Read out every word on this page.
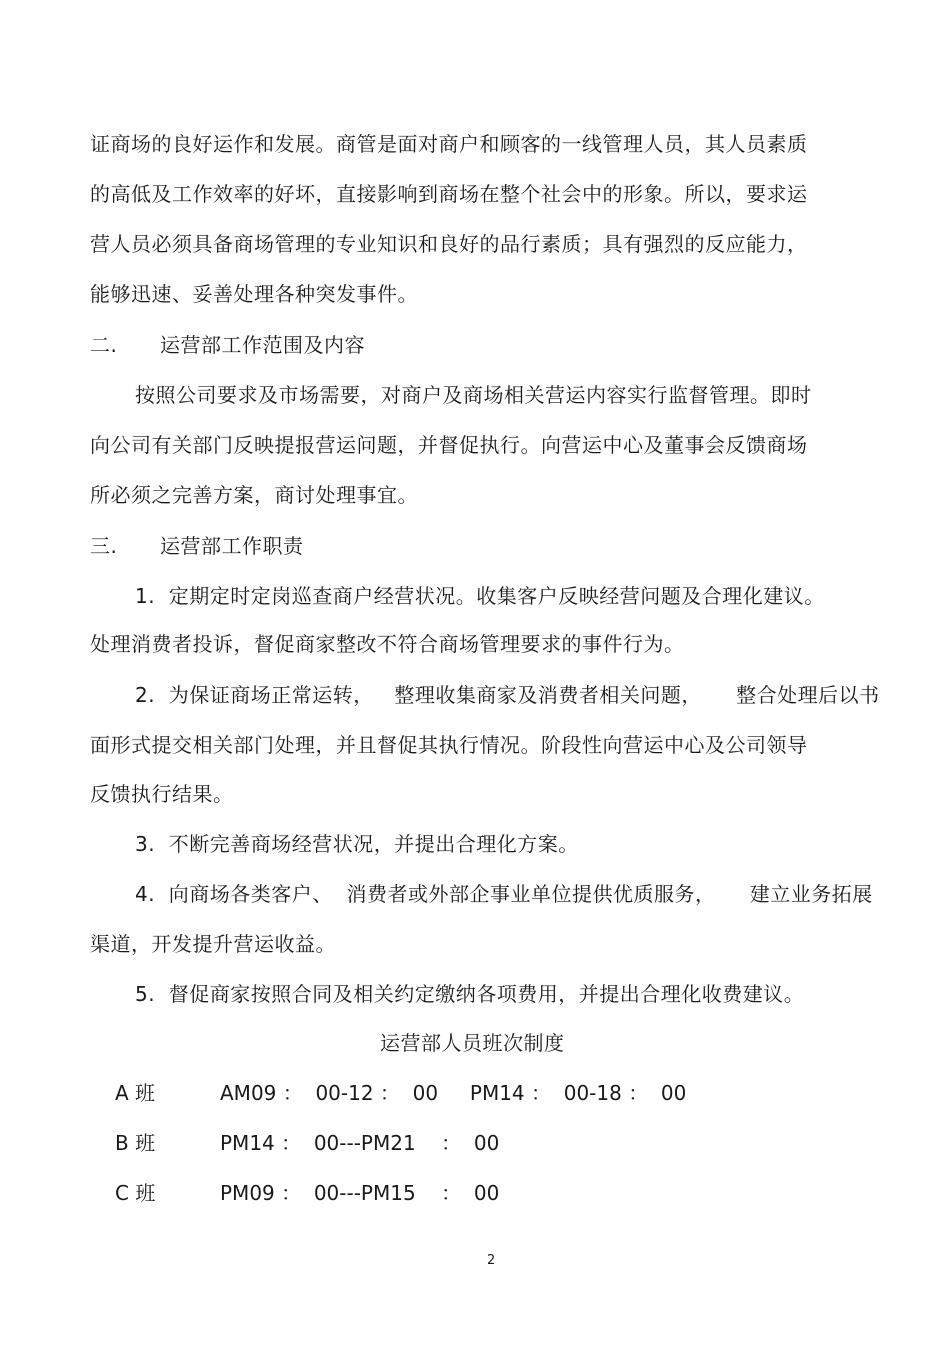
证商场的良好运作和发展。商管是面对商户和顾客的一线管理人员，其人员素质
的高低及工作效率的好坏，直接影响到商场在整个社会中的形象。所以，要求运
营人员必须具备商场管理的专业知识和良好的品行素质；具有强烈的反应能力，
能够迅速、妥善处理各种突发事件。
二. 运营部工作范围及内容
按照公司要求及市场需要，对商户及商场相关营运内容实行监督管理。即时
向公司有关部门反映提报营运问题，并督促执行。向营运中心及董事会反馈商场
所必须之完善方案，商讨处理事宜。
三. 运营部工作职责
1.  定期定时定岗巡查商户经营状况。收集客户反映经营问题及合理化建议。
处理消费者投诉，督促商家整改不符合商场管理要求的事件行为。
2.  为保证商场正常运转，   整理收集商家及消费者相关问题，     整合处理后以书
面形式提交相关部门处理，并且督促其执行情况。阶段性向营运中心及公司领导
反馈执行结果。
3.  不断完善商场经营状况，并提出合理化方案。
4.  向商场各类客户、  消费者或外部企事业单位提供优质服务，     建立业务拓展
渠道，开发提升营运收益。
5.  督促商家按照合同及相关约定缴纳各项费用，并提出合理化收费建议。
运营部人员班次制度
A 班	AM09 ：  00-12 ：  00     PM14 ：  00-18 ：  00
B 班	PM14 ：  00---PM21    ：  00
C 班	PM09 ：  00---PM15    ：  00
2
